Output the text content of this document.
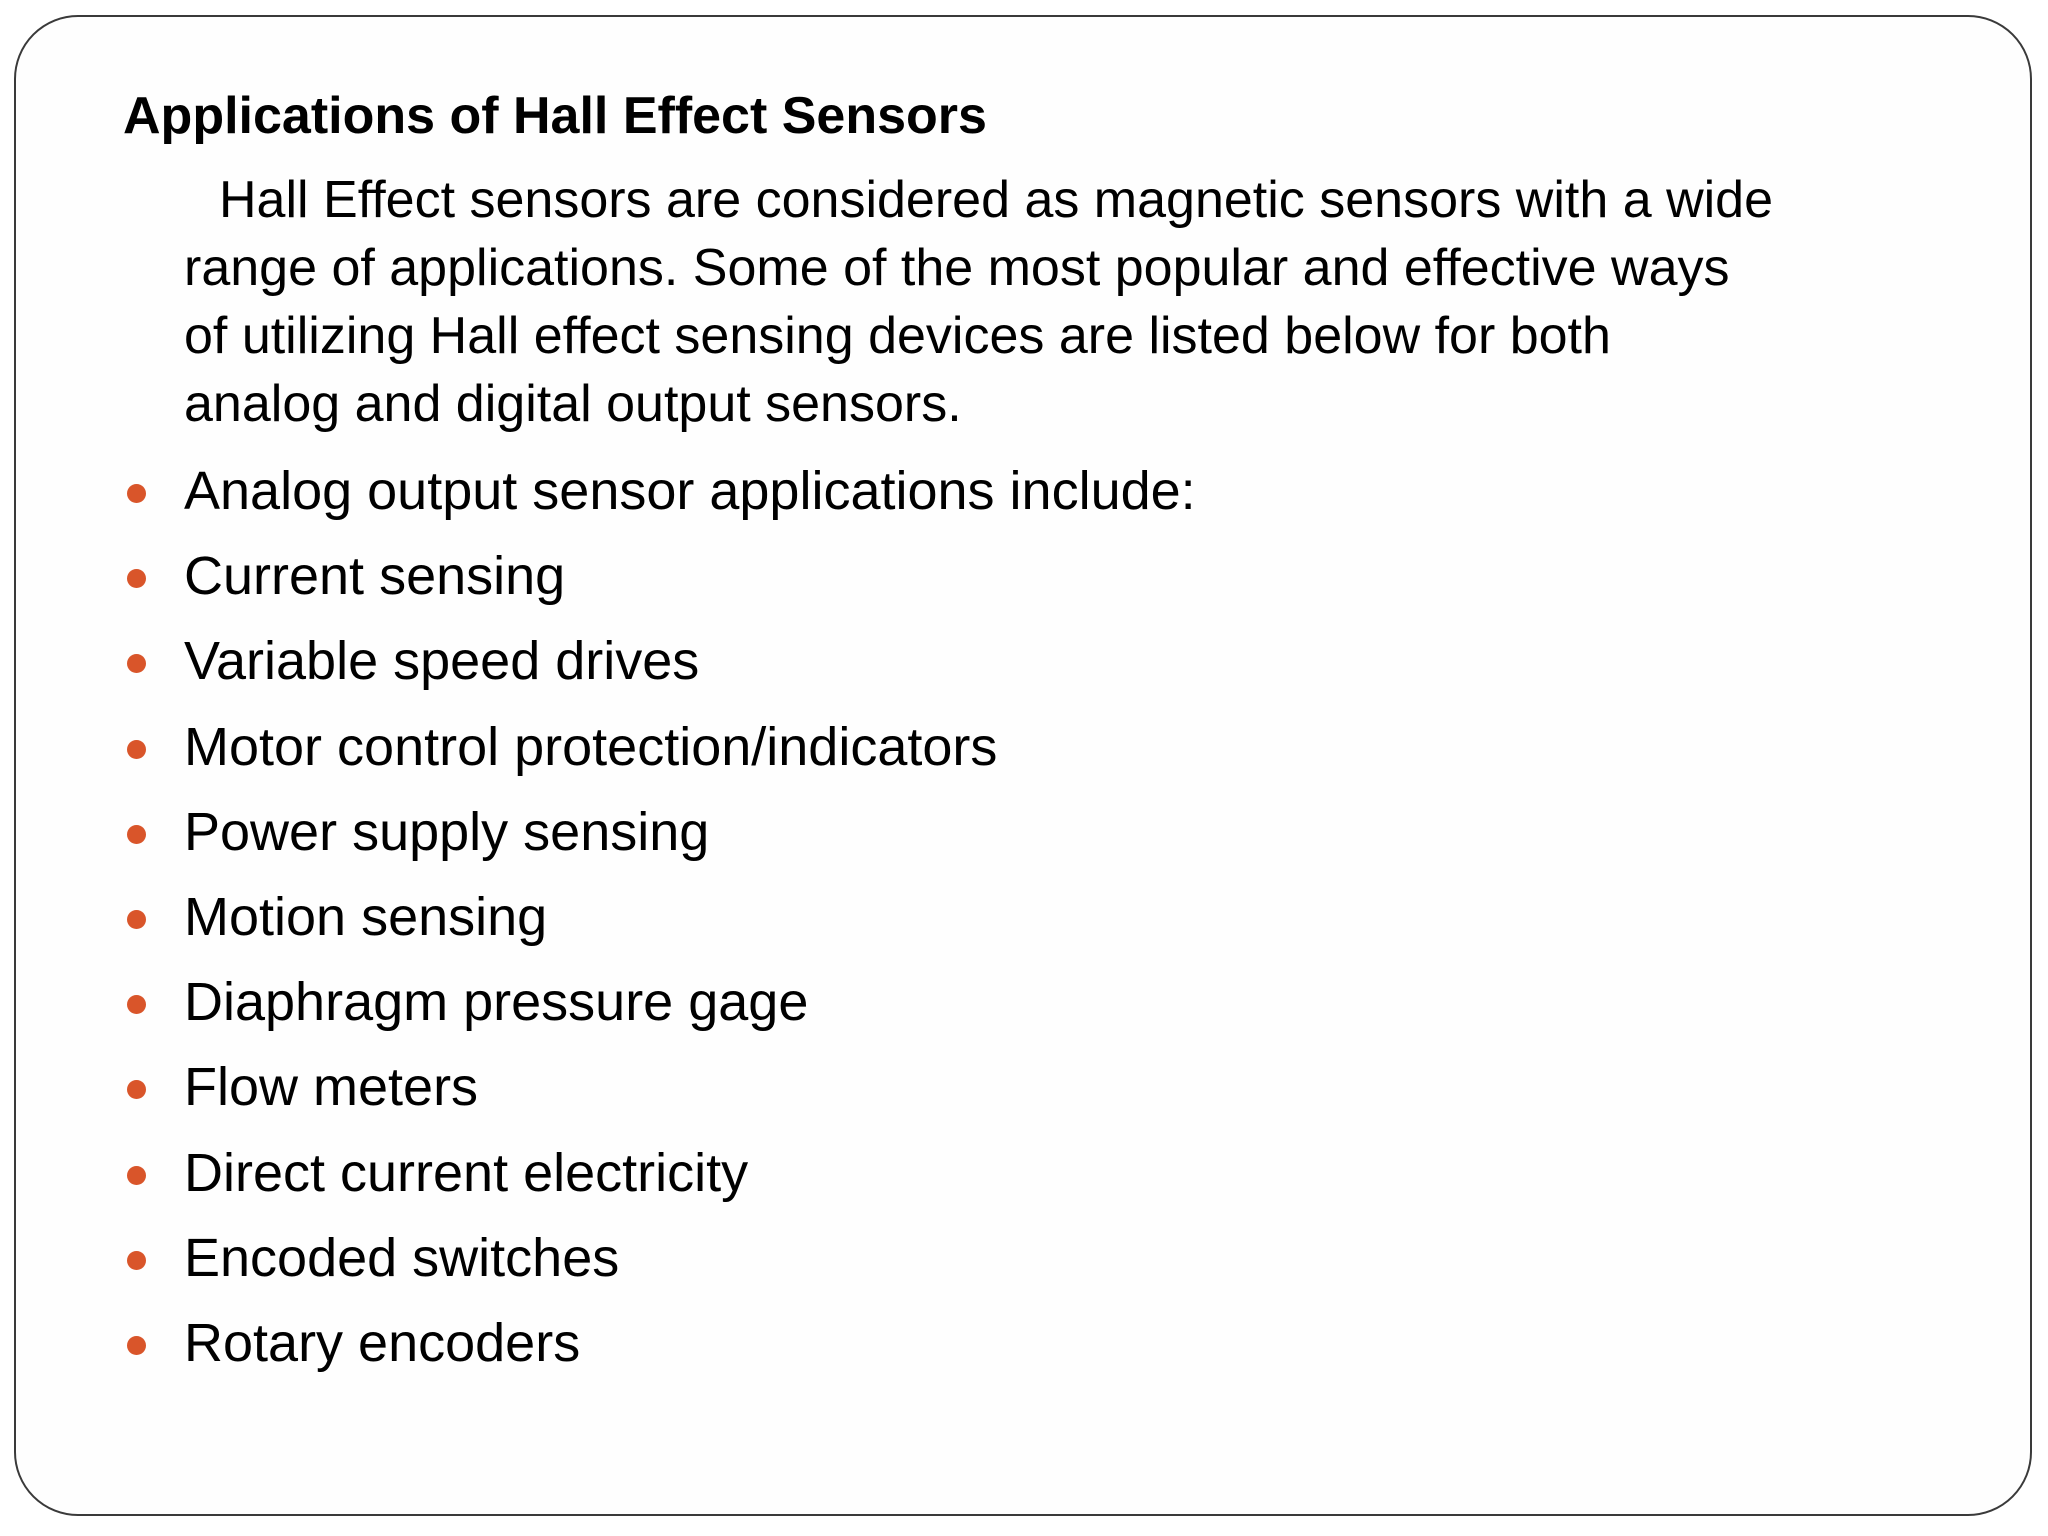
Applications of Hall Effect Sensors

Hall Effect sensors are considered as magnetic sensors with a wide
range of applications. Some of the most popular and effective ways
of utilizing Hall effect sensing devices are listed below for both
analog and digital output sensors.

Analog output sensor applications include:
Current sensing
Variable speed drives
Motor control protection/indicators
Power supply sensing
Motion sensing
Diaphragm pressure gage
Flow meters
Direct current electricity
Encoded switches
Rotary encoders
